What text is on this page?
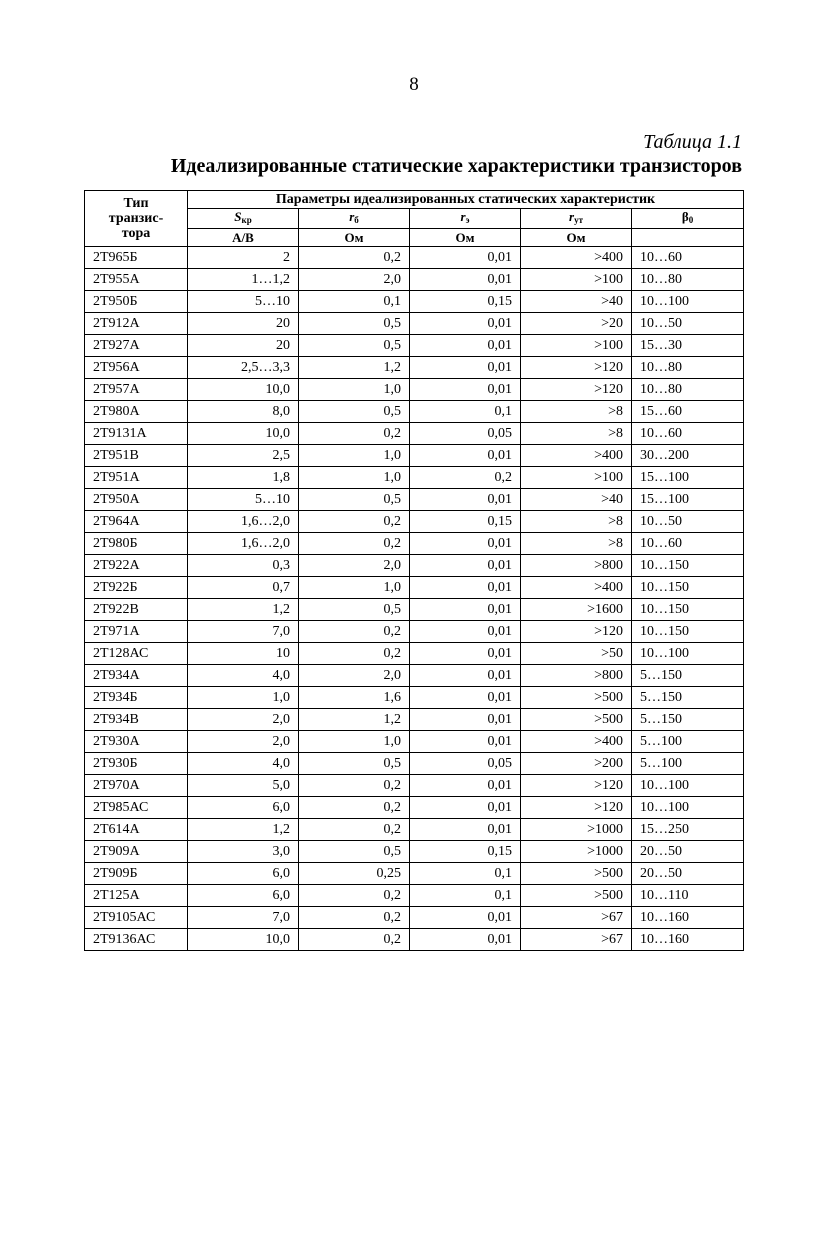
8
Таблица 1.1
Идеализированные статические характеристики транзисторов
Тип
транзис-
тора	Параметры идеализированных статических характеристик				
	$S_{кр}$	$r_б$	$r_э$	$r_{ут}$	$\beta_0$
	А/В	Ом	Ом	Ом	
2Т965Б	2	0,2	0,01	>400	10…60
2Т955А	1…1,2	2,0	0,01	>100	10…80
2Т950Б	5…10	0,1	0,15	>40	10…100
2Т912А	20	0,5	0,01	>20	10…50
2Т927А	20	0,5	0,01	>100	15…30
2Т956А	2,5…3,3	1,2	0,01	>120	10…80
2Т957А	10,0	1,0	0,01	>120	10…80
2Т980А	8,0	0,5	0,1	>8	15…60
2Т9131А	10,0	0,2	0,05	>8	10…60
2Т951В	2,5	1,0	0,01	>400	30…200
2Т951А	1,8	1,0	0,2	>100	15…100
2Т950А	5…10	0,5	0,01	>40	15…100
2Т964А	1,6…2,0	0,2	0,15	>8	10…50
2Т980Б	1,6…2,0	0,2	0,01	>8	10…60
2Т922А	0,3	2,0	0,01	>800	10…150
2Т922Б	0,7	1,0	0,01	>400	10…150
2Т922В	1,2	0,5	0,01	>1600	10…150
2Т971А	7,0	0,2	0,01	>120	10…150
2Т128АС	10	0,2	0,01	>50	10…100
2Т934А	4,0	2,0	0,01	>800	5…150
2Т934Б	1,0	1,6	0,01	>500	5…150
2Т934В	2,0	1,2	0,01	>500	5…150
2Т930А	2,0	1,0	0,01	>400	5…100
2Т930Б	4,0	0,5	0,05	>200	5…100
2Т970А	5,0	0,2	0,01	>120	10…100
2Т985АС	6,0	0,2	0,01	>120	10…100
2Т614А	1,2	0,2	0,01	>1000	15…250
2Т909А	3,0	0,5	0,15	>1000	20…50
2Т909Б	6,0	0,25	0,1	>500	20…50
2Т125А	6,0	0,2	0,1	>500	10…110
2Т9105АС	7,0	0,2	0,01	>67	10…160
2Т9136АС	10,0	0,2	0,01	>67	10…160
